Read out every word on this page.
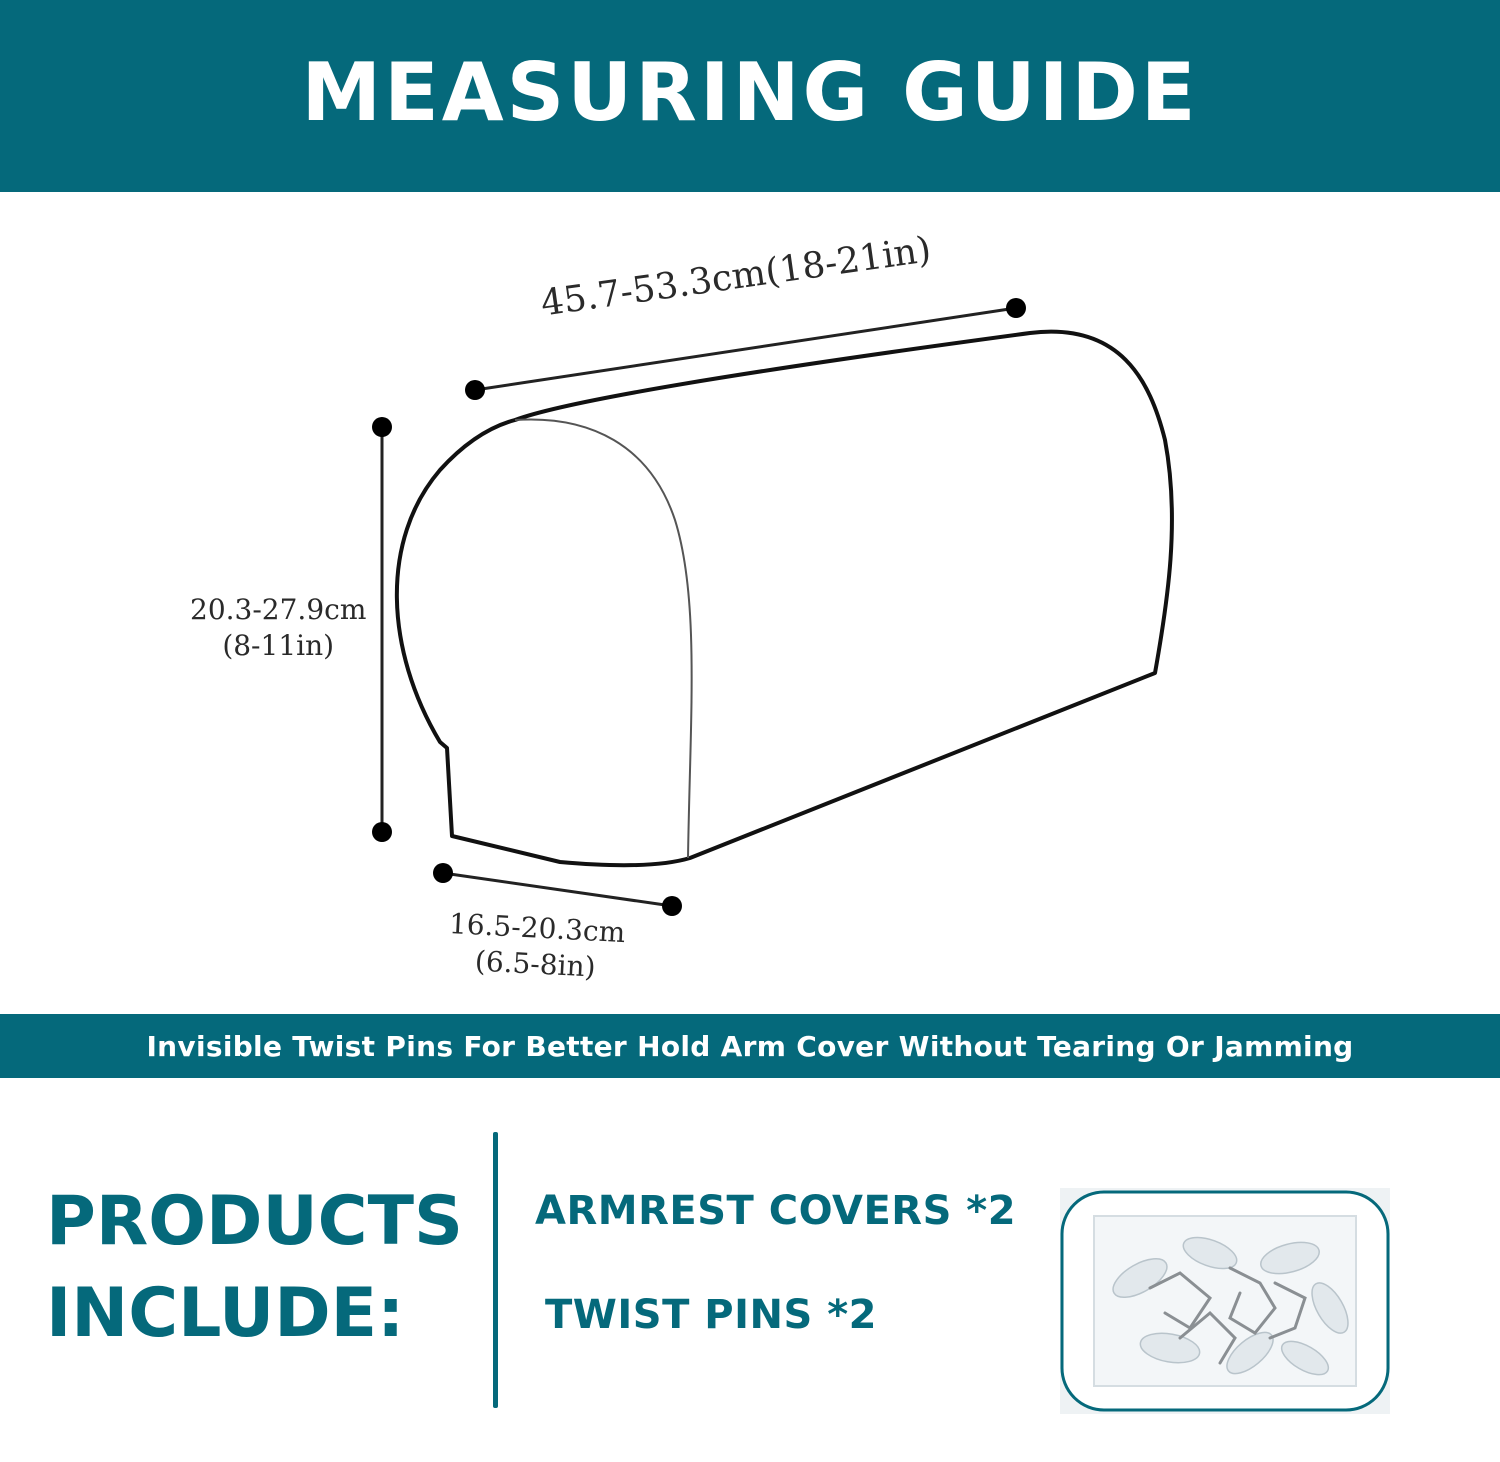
MEASURING GUIDE
45.7-53.3cm(18-21in)
20.3-27.9cm
(8-11in)
16.5-20.3cm
(6.5-8in)
Invisible Twist Pins For Better Hold Arm Cover Without Tearing Or Jamming
PRODUCTS
INCLUDE:
ARMREST COVERS *2
TWIST PINS *2
